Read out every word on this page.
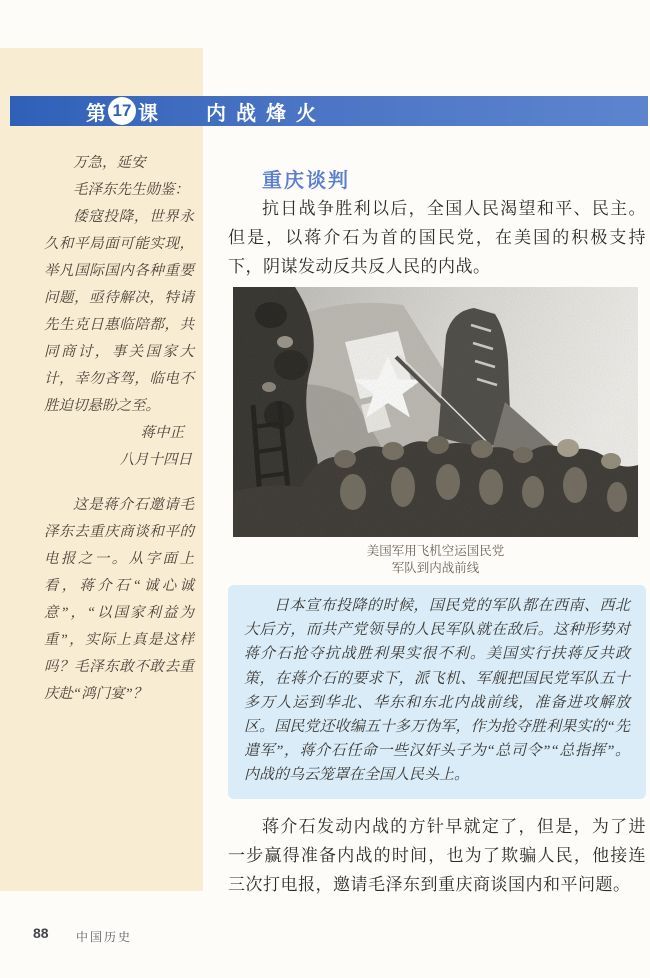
第 17 课 内战烽火

万急，延安

毛泽东先生勋鉴：

倭寇投降，世界永久和平局面可能实现，举凡国际国内各种重要问题，亟待解决，特请先生克日惠临陪都，共同商讨，事关国家大计，幸勿吝驾，临电不胜迫切悬盼之至。

蒋中正

八月十四日

这是蒋介石邀请毛泽东去重庆商谈和平的电报之一。从字面上看，蒋介石“诚心诚意”，“以国家利益为重”，实际上真是这样吗？毛泽东敢不敢去重庆赴“鸿门宴”？

重庆谈判

抗日战争胜利以后，全国人民渴望和平、民主。但是，以蒋介石为首的国民党，在美国的积极支持下，阴谋发动反共反人民的内战。

美国军用飞机空运国民党
军队到内战前线
日本宣布投降的时候，国民党的军队都在西南、西北大后方，而共产党领导的人民军队就在敌后。这种形势对蒋介石抢夺抗战胜利果实很不利。美国实行扶蒋反共政策，在蒋介石的要求下，派飞机、军舰把国民党军队五十多万人运到华北、华东和东北内战前线，准备进攻解放区。国民党还收编五十多万伪军，作为抢夺胜利果实的“先遣军”，蒋介石任命一些汉奸头子为“总司令”“总指挥”。内战的乌云笼罩在全国人民头上。

蒋介石发动内战的方针早就定了，但是，为了进一步赢得准备内战的时间，也为了欺骗人民，他接连三次打电报，邀请毛泽东到重庆商谈国内和平问题。

88 中国历史
